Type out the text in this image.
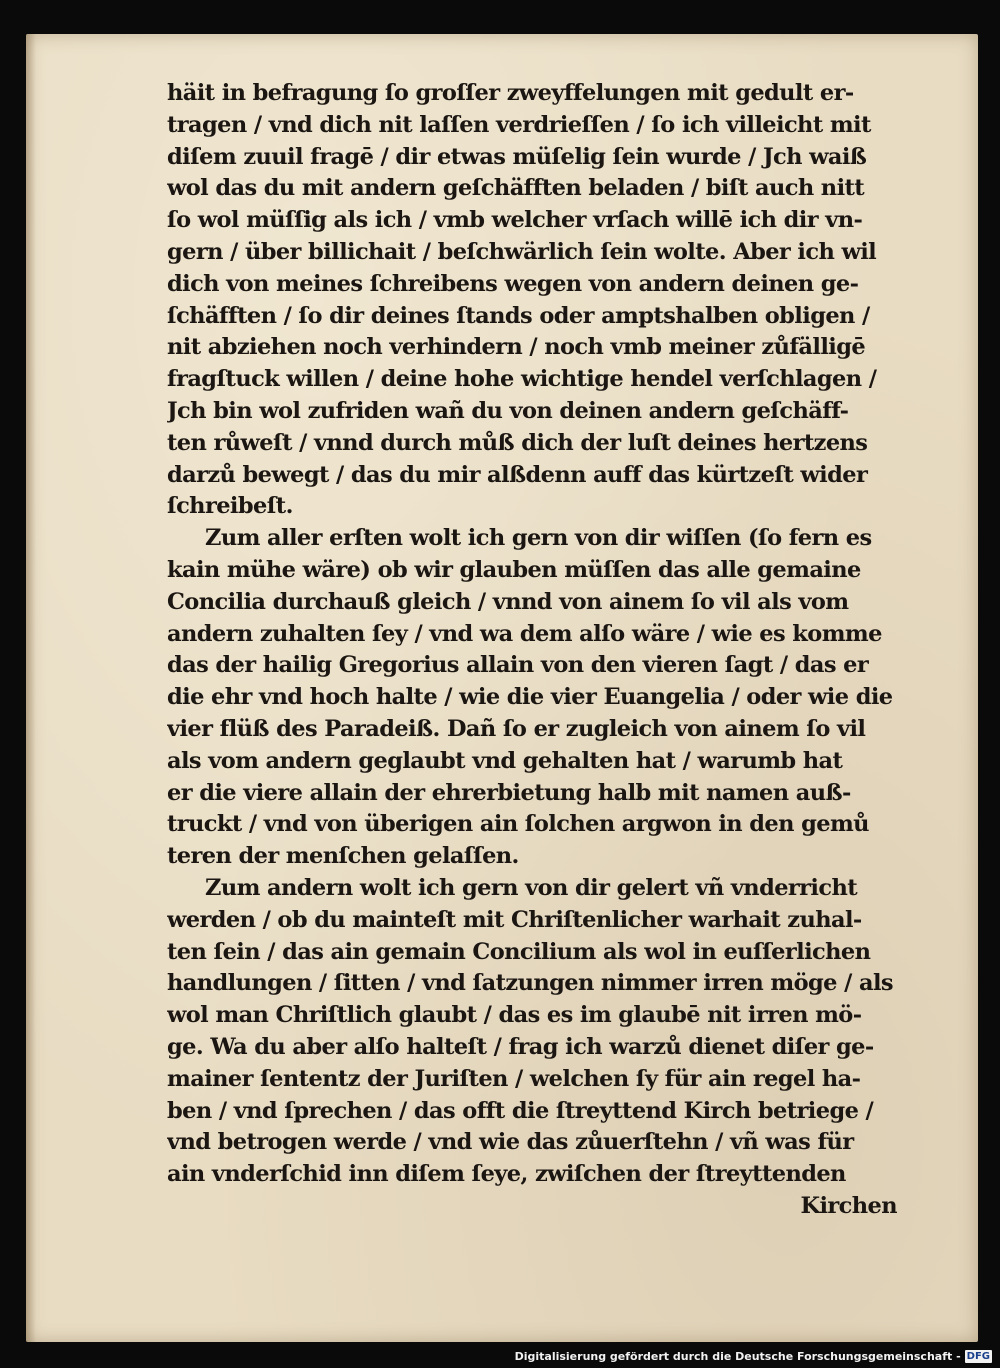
häit in befragung ſo groſſer zweyffelungen mit gedult er-
tragen / vnd dich nit laſſen verdrieſſen / ſo ich villeicht mit
diſem zuuil fragē / dir etwas müſelig ſein wurde / Jch waiß
wol das du mit andern geſchäfften beladen / biſt auch nitt
ſo wol müſſig als ich / vmb welcher vrſach willē ich dir vn-
gern / über billichait / beſchwärlich ſein wolte. Aber ich wil
dich von meines ſchreibens wegen von andern deinen ge-
ſchäfften / ſo dir deines ſtands oder amptshalben obligen /
nit abziehen noch verhindern / noch vmb meiner zůfälligē
fragſtuck willen / deine hohe wichtige hendel verſchlagen /
Jch bin wol zufriden wañ du von deinen andern geſchäff-
ten růweſt / vnnd durch můß dich der luſt deines hertzens
darzů bewegt / das du mir alßdenn auff das kürtzeſt wider
ſchreibeſt.
Zum aller erſten wolt ich gern von dir wiſſen (ſo fern es
kain mühe wäre) ob wir glauben müſſen das alle gemaine
Concilia durchauß gleich / vnnd von ainem ſo vil als vom
andern zuhalten ſey / vnd wa dem alſo wäre / wie es komme
das der hailig Gregorius allain von den vieren ſagt / das er
die ehr vnd hoch halte / wie die vier Euangelia / oder wie die
vier flüß des Paradeiß. Dañ ſo er zugleich von ainem ſo vil
als vom andern geglaubt vnd gehalten hat / warumb hat
er die viere allain der ehrerbietung halb mit namen auß-
truckt / vnd von überigen ain ſolchen argwon in den gemů
teren der menſchen gelaſſen.
Zum andern wolt ich gern von dir gelert vñ vnderricht
werden / ob du mainteſt mit Chriſtenlicher warhait zuhal-
ten ſein / das ain gemain Concilium als wol in euſſerlichen
handlungen / ſitten / vnd ſatzungen nimmer irren möge / als
wol man Chriſtlich glaubt / das es im glaubē nit irren mö-
ge. Wa du aber alſo halteſt / frag ich warzů dienet diſer ge-
mainer ſententz der Juriſten / welchen ſy für ain regel ha-
ben / vnd ſprechen / das offt die ſtreyttend Kirch betriege /
vnd betrogen werde / vnd wie das zůuerſtehn / vñ was für
ain vnderſchid inn diſem ſeye, zwiſchen der ſtreyttenden
Kirchen
Digitalisierung gefördert durch die Deutsche Forschungsgemeinschaft - DFG
